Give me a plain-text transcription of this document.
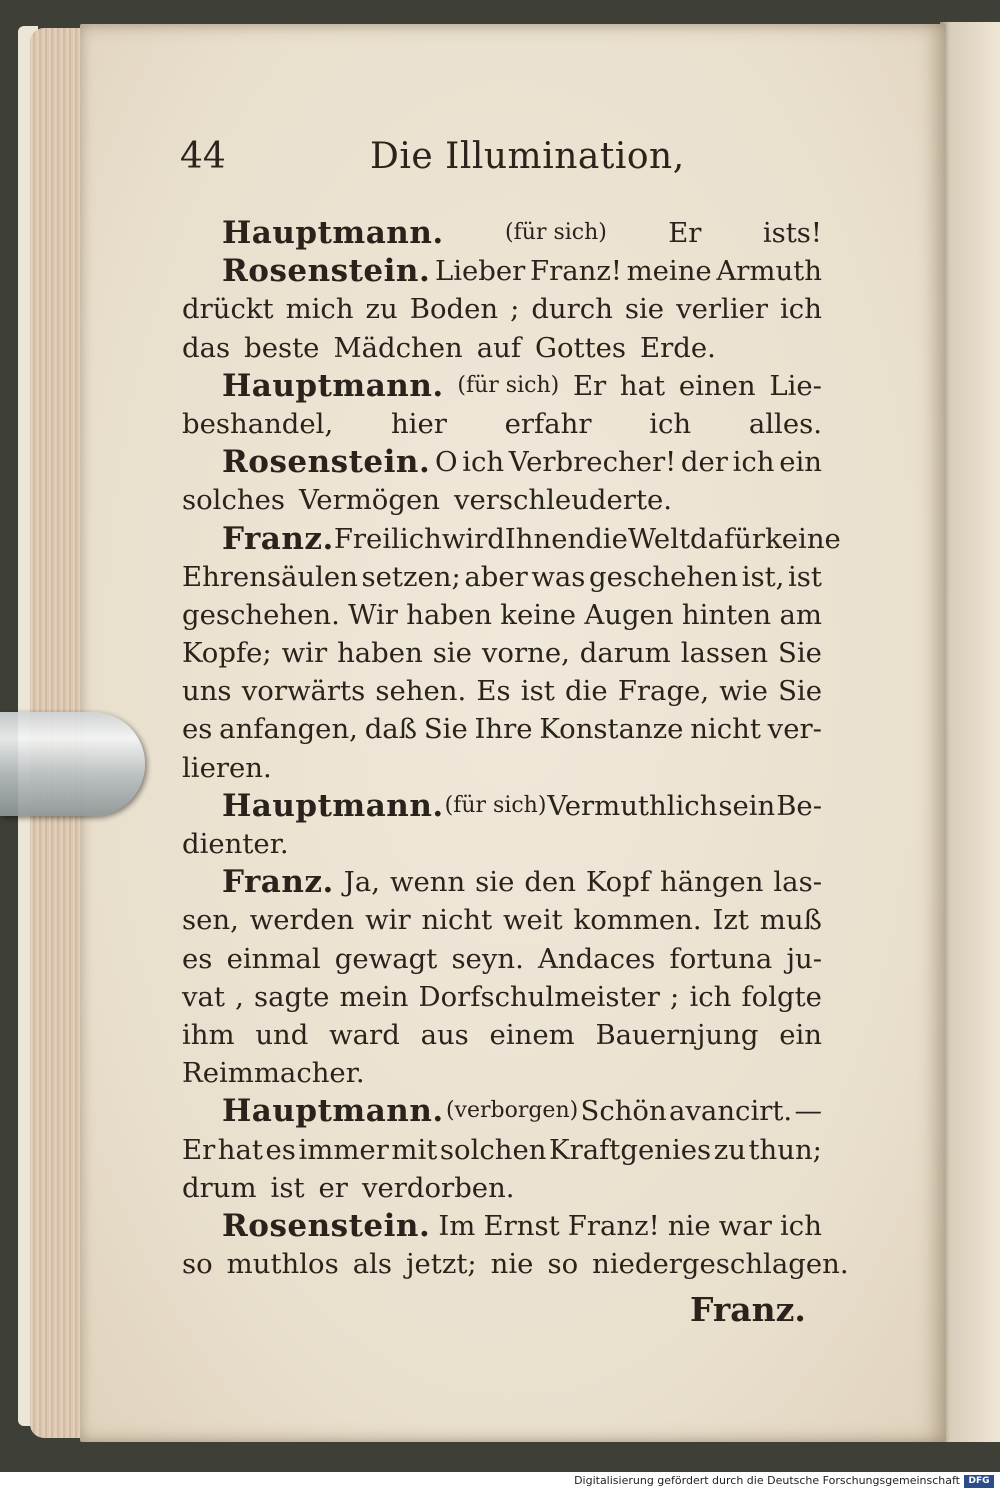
44	Die Illumination,
Hauptmann.	(für sich) Er ists!
Rosenstein. Lieber Franz! meine Armuth
drückt mich zu Boden ; durch sie verlier ich
das beste Mädchen auf Gottes Erde.
Hauptmann. (für sich) Er hat einen Lie-
beshandel, hier erfahr ich alles.
Rosenstein. O ich Verbrecher! der ich ein
solches Vermögen verschleuderte.
Franz. Freilich wird Ihnen die Welt dafür keine
Ehrensäulen setzen; aber was geschehen ist, ist
geschehen. Wir haben keine Augen hinten am
Kopfe; wir haben sie vorne, darum lassen Sie
uns vorwärts sehen. Es ist die Frage, wie Sie
es anfangen, daß Sie Ihre Konstanze nicht ver-
lieren.
Hauptmann. (für sich) Vermuthlich sein Be-
dienter.
Franz. Ja, wenn sie den Kopf hängen las-
sen, werden wir nicht weit kommen. Izt muß
es einmal gewagt seyn. Andaces fortuna ju-
vat , sagte mein Dorfschulmeister ; ich folgte
ihm und ward aus einem Bauernjung ein
Reimmacher.
Hauptmann. (verborgen) Schön avancirt. —
Er hat es immer mit solchen Kraftgenies zu thun;
drum ist er verdorben.
Rosenstein. Im Ernst Franz! nie war ich
so muthlos als jetzt; nie so niedergeschlagen.
Franz.
Digitalisierung gefördert durch die Deutsche Forschungsgemeinschaft DFG
